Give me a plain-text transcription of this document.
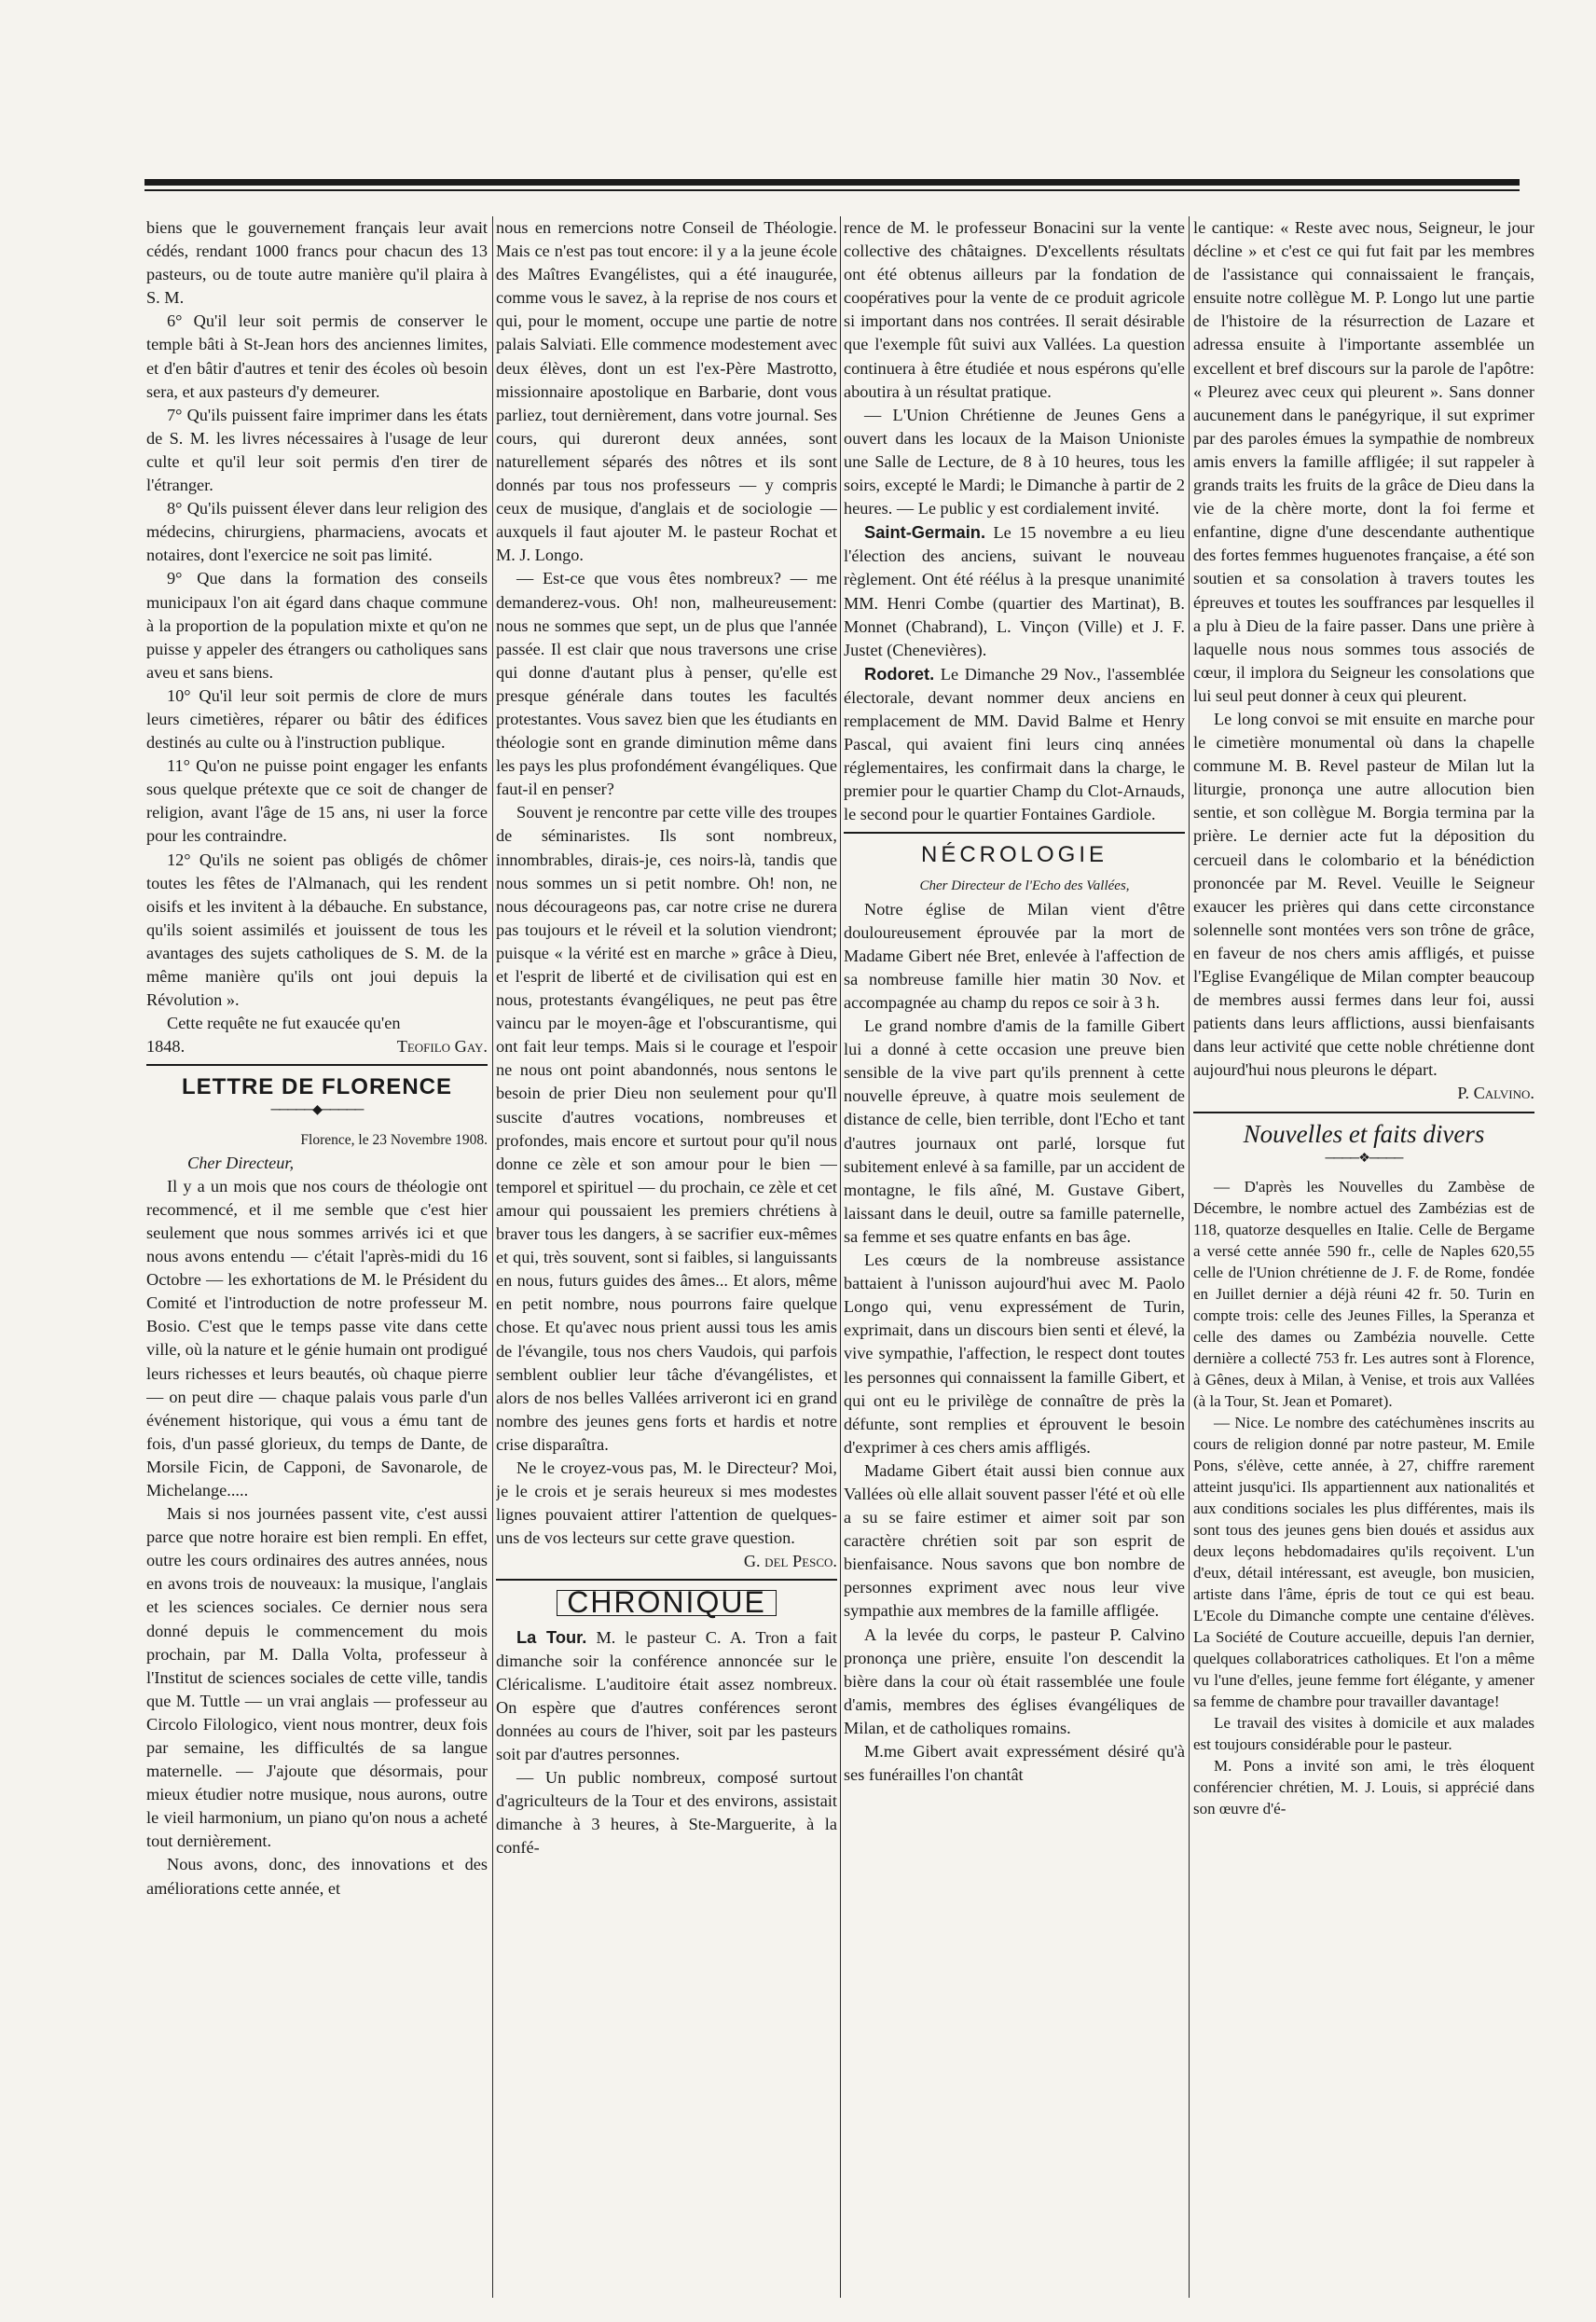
biens que le gouvernement français leur avait cédés, rendant 1000 francs pour chacun des 13 pasteurs, ou de toute autre manière qu'il plaira à S. M.

6° Qu'il leur soit permis de conserver le temple bâti à St-Jean hors des anciennes limites, et d'en bâtir d'autres et tenir des écoles où besoin sera, et aux pasteurs d'y demeurer.

7° Qu'ils puissent faire imprimer dans les états de S. M. les livres nécessaires à l'usage de leur culte et qu'il leur soit permis d'en tirer de l'étranger.

8° Qu'ils puissent élever dans leur religion des médecins, chirurgiens, pharmaciens, avocats et notaires, dont l'exercice ne soit pas limité.

9° Que dans la formation des conseils municipaux l'on ait égard dans chaque commune à la proportion de la population mixte et qu'on ne puisse y appeler des étrangers ou catholiques sans aveu et sans biens.

10° Qu'il leur soit permis de clore de murs leurs cimetières, réparer ou bâtir des édifices destinés au culte ou à l'instruction publique.

11° Qu'on ne puisse point engager les enfants sous quelque prétexte que ce soit de changer de religion, avant l'âge de 15 ans, ni user la force pour les contraindre.

12° Qu'ils ne soient pas obligés de chômer toutes les fêtes de l'Almanach, qui les rendent oisifs et les invitent à la débauche. En substance, qu'ils soient assimilés et jouissent de tous les avantages des sujets catholiques de S. M. de la même manière qu'ils ont joui depuis la Révolution ».

Cette requête ne fut exaucée qu'en

1848.	Teofilo Gay.

LETTRE DE FLORENCE
─────◆─────

Florence, le 23 Novembre 1908.

Cher Directeur,

Il y a un mois que nos cours de théologie ont recommencé, et il me semble que c'est hier seulement que nous sommes arrivés ici et que nous avons entendu — c'était l'après-midi du 16 Octobre — les exhortations de M. le Président du Comité et l'introduction de notre professeur M. Bosio. C'est que le temps passe vite dans cette ville, où la nature et le génie humain ont prodigué leurs richesses et leurs beautés, où chaque pierre — on peut dire — chaque palais vous parle d'un événement historique, qui vous a ému tant de fois, d'un passé glorieux, du temps de Dante, de Morsile Ficin, de Capponi, de Savonarole, de Michelange.....

Mais si nos journées passent vite, c'est aussi parce que notre horaire est bien rempli. En effet, outre les cours ordinaires des autres années, nous en avons trois de nouveaux: la musique, l'anglais et les sciences sociales. Ce dernier nous sera donné depuis le commencement du mois prochain, par M. Dalla Volta, professeur à l'Institut de sciences sociales de cette ville, tandis que M. Tuttle — un vrai anglais — professeur au Circolo Filologico, vient nous montrer, deux fois par semaine, les difficultés de sa langue maternelle. — J'ajoute que désormais, pour mieux étudier notre musique, nous aurons, outre le vieil harmonium, un piano qu'on nous a acheté tout dernièrement.

Nous avons, donc, des innovations et des améliorations cette année, et

nous en remercions notre Conseil de Théologie. Mais ce n'est pas tout encore: il y a la jeune école des Maîtres Evangélistes, qui a été inaugurée, comme vous le savez, à la reprise de nos cours et qui, pour le moment, occupe une partie de notre palais Salviati. Elle commence modestement avec deux élèves, dont un est l'ex-Père Mastrotto, missionnaire apostolique en Barbarie, dont vous parliez, tout dernièrement, dans votre journal. Ses cours, qui dureront deux années, sont naturellement séparés des nôtres et ils sont donnés par tous nos professeurs — y compris ceux de musique, d'anglais et de sociologie — auxquels il faut ajouter M. le pasteur Rochat et M. J. Longo.

— Est-ce que vous êtes nombreux? — me demanderez-vous. Oh! non, malheureusement: nous ne sommes que sept, un de plus que l'année passée. Il est clair que nous traversons une crise qui donne d'autant plus à penser, qu'elle est presque générale dans toutes les facultés protestantes. Vous savez bien que les étudiants en théologie sont en grande diminution même dans les pays les plus profondément évangéliques. Que faut-il en penser?

Souvent je rencontre par cette ville des troupes de séminaristes. Ils sont nombreux, innombrables, dirais-je, ces noirs-là, tandis que nous sommes un si petit nombre. Oh! non, ne nous décourageons pas, car notre crise ne durera pas toujours et le réveil et la solution viendront; puisque « la vérité est en marche » grâce à Dieu, et l'esprit de liberté et de civilisation qui est en nous, protestants évangéliques, ne peut pas être vaincu par le moyen-âge et l'obscurantisme, qui ont fait leur temps. Mais si le courage et l'espoir ne nous ont point abandonnés, nous sentons le besoin de prier Dieu non seulement pour qu'Il suscite d'autres vocations, nombreuses et profondes, mais encore et surtout pour qu'il nous donne ce zèle et son amour pour le bien — temporel et spirituel — du prochain, ce zèle et cet amour qui poussaient les premiers chrétiens à braver tous les dangers, à se sacrifier eux-mêmes et qui, très souvent, sont si faibles, si languissants en nous, futurs guides des âmes... Et alors, même en petit nombre, nous pourrons faire quelque chose. Et qu'avec nous prient aussi tous les amis de l'évangile, tous nos chers Vaudois, qui parfois semblent oublier leur tâche d'évangélistes, et alors de nos belles Vallées arriveront ici en grand nombre des jeunes gens forts et hardis et notre crise disparaîtra.

Ne le croyez-vous pas, M. le Directeur? Moi, je le crois et je serais heureux si mes modestes lignes pouvaient attirer l'attention de quelques-uns de vos lecteurs sur cette grave question.

G. del Pesco.

CHRONIQUE

La Tour. M. le pasteur C. A. Tron a fait dimanche soir la conférence annoncée sur le Cléricalisme. L'auditoire était assez nombreux. On espère que d'autres conférences seront données au cours de l'hiver, soit par les pasteurs soit par d'autres personnes.

— Un public nombreux, composé surtout d'agriculteurs de la Tour et des environs, assistait dimanche à 3 heures, à Ste-Marguerite, à la confé-

rence de M. le professeur Bonacini sur la vente collective des châtaignes. D'excellents résultats ont été obtenus ailleurs par la fondation de coopératives pour la vente de ce produit agricole si important dans nos contrées. Il serait désirable que l'exemple fût suivi aux Vallées. La question continuera à être étudiée et nous espérons qu'elle aboutira à un résultat pratique.

— L'Union Chrétienne de Jeunes Gens a ouvert dans les locaux de la Maison Unioniste une Salle de Lecture, de 8 à 10 heures, tous les soirs, excepté le Mardi; le Dimanche à partir de 2 heures. — Le public y est cordialement invité.

Saint-Germain. Le 15 novembre a eu lieu l'élection des anciens, suivant le nouveau règlement. Ont été réélus à la presque unanimité MM. Henri Combe (quartier des Martinat), B. Monnet (Chabrand), L. Vinçon (Ville) et J. F. Justet (Chenevières).

Rodoret. Le Dimanche 29 Nov., l'assemblée électorale, devant nommer deux anciens en remplacement de MM. David Balme et Henry Pascal, qui avaient fini leurs cinq années réglementaires, les confirmait dans la charge, le premier pour le quartier Champ du Clot-Arnauds, le second pour le quartier Fontaines Gardiole.

NÉCROLOGIE

Cher Directeur de l'Echo des Vallées,

Notre église de Milan vient d'être douloureusement éprouvée par la mort de Madame Gibert née Bret, enlevée à l'affection de sa nombreuse famille hier matin 30 Nov. et accompagnée au champ du repos ce soir à 3 h.

Le grand nombre d'amis de la famille Gibert lui a donné à cette occasion une preuve bien sensible de la vive part qu'ils prennent à cette nouvelle épreuve, à quatre mois seulement de distance de celle, bien terrible, dont l'Echo et tant d'autres journaux ont parlé, lorsque fut subitement enlevé à sa famille, par un accident de montagne, le fils aîné, M. Gustave Gibert, laissant dans le deuil, outre sa famille paternelle, sa femme et ses quatre enfants en bas âge.

Les cœurs de la nombreuse assistance battaient à l'unisson aujourd'hui avec M. Paolo Longo qui, venu expressément de Turin, exprimait, dans un discours bien senti et élevé, la vive sympathie, l'affection, le respect dont toutes les personnes qui connaissent la famille Gibert, et qui ont eu le privilège de connaître de près la défunte, sont remplies et éprouvent le besoin d'exprimer à ces chers amis affligés.

Madame Gibert était aussi bien connue aux Vallées où elle allait souvent passer l'été et où elle a su se faire estimer et aimer soit par son caractère chrétien soit par son esprit de bienfaisance. Nous savons que bon nombre de personnes expriment avec nous leur vive sympathie aux membres de la famille affligée.

A la levée du corps, le pasteur P. Calvino prononça une prière, ensuite l'on descendit la bière dans la cour où était rassemblée une foule d'amis, membres des églises évangéliques de Milan, et de catholiques romains.

M.me Gibert avait expressément désiré qu'à ses funérailles l'on chantât

le cantique: « Reste avec nous, Seigneur, le jour décline » et c'est ce qui fut fait par les membres de l'assistance qui connaissaient le français, ensuite notre collègue M. P. Longo lut une partie de l'histoire de la résurrection de Lazare et adressa ensuite à l'importante assemblée un excellent et bref discours sur la parole de l'apôtre: « Pleurez avec ceux qui pleurent ». Sans donner aucunement dans le panégyrique, il sut exprimer par des paroles émues la sympathie de nombreux amis envers la famille affligée; il sut rappeler à grands traits les fruits de la grâce de Dieu dans la vie de la chère morte, dont la foi ferme et enfantine, digne d'une descendante authentique des fortes femmes huguenotes française, a été son soutien et sa consolation à travers toutes les épreuves et toutes les souffrances par lesquelles il a plu à Dieu de la faire passer. Dans une prière à laquelle nous nous sommes tous associés de cœur, il implora du Seigneur les consolations que lui seul peut donner à ceux qui pleurent.

Le long convoi se mit ensuite en marche pour le cimetière monumental où dans la chapelle commune M. B. Revel pasteur de Milan lut la liturgie, prononça une autre allocution bien sentie, et son collègue M. Borgia termina par la prière. Le dernier acte fut la déposition du cercueil dans le colombario et la bénédiction prononcée par M. Revel. Veuille le Seigneur exaucer les prières qui dans cette circonstance solennelle sont montées vers son trône de grâce, en faveur de nos chers amis affligés, et puisse l'Eglise Evangélique de Milan compter beaucoup de membres aussi fermes dans leur foi, aussi patients dans leurs afflictions, aussi bienfaisants dans leur activité que cette noble chrétienne dont aujourd'hui nous pleurons le départ.

P. Calvino.

Nouvelles et faits divers
────❖────

— D'après les Nouvelles du Zambèse de Décembre, le nombre actuel des Zambézias est de 118, quatorze desquelles en Italie. Celle de Bergame a versé cette année 590 fr., celle de Naples 620,55 celle de l'Union chrétienne de J. F. de Rome, fondée en Juillet dernier a déjà réuni 42 fr. 50. Turin en compte trois: celle des Jeunes Filles, la Speranza et celle des dames ou Zambézia nouvelle. Cette dernière a collecté 753 fr. Les autres sont à Florence, à Gênes, deux à Milan, à Venise, et trois aux Vallées (à la Tour, St. Jean et Pomaret).

— Nice. Le nombre des catéchumènes inscrits au cours de religion donné par notre pasteur, M. Emile Pons, s'élève, cette année, à 27, chiffre rarement atteint jusqu'ici. Ils appartiennent aux nationalités et aux conditions sociales les plus différentes, mais ils sont tous des jeunes gens bien doués et assidus aux deux leçons hebdomadaires qu'ils reçoivent. L'un d'eux, détail intéressant, est aveugle, bon musicien, artiste dans l'âme, épris de tout ce qui est beau. L'Ecole du Dimanche compte une centaine d'élèves. La Société de Couture accueille, depuis l'an dernier, quelques collaboratrices catholiques. Et l'on a même vu l'une d'elles, jeune femme fort élégante, y amener sa femme de chambre pour travailler davantage!

Le travail des visites à domicile et aux malades est toujours considérable pour le pasteur.

M. Pons a invité son ami, le très éloquent conférencier chrétien, M. J. Louis, si apprécié dans son œuvre d'é-
